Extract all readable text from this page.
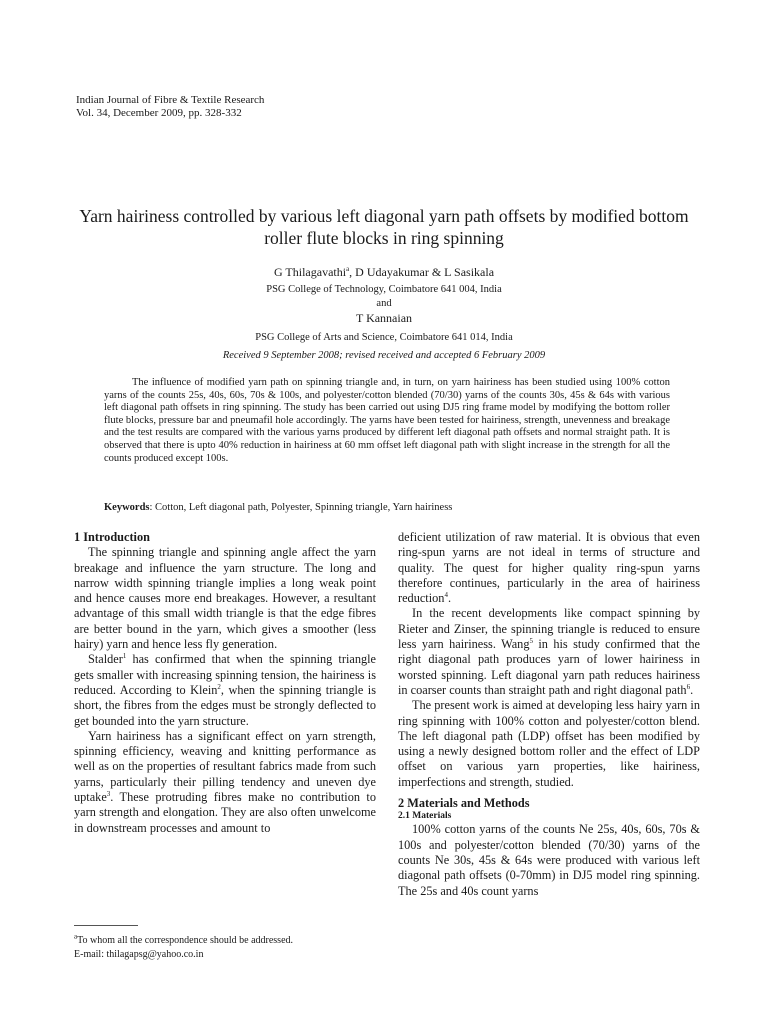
Indian Journal of Fibre & Textile Research
Vol. 34, December 2009, pp. 328-332
Yarn hairiness controlled by various left diagonal yarn path offsets by modified bottom roller flute blocks in ring spinning
G Thilagavathi$^a$, D Udayakumar & L Sasikala
PSG College of Technology, Coimbatore 641 004, India
and
T Kannaian
PSG College of Arts and Science, Coimbatore 641 014, India
Received 9 September 2008; revised received and accepted 6 February 2009

The influence of modified yarn path on spinning triangle and, in turn, on yarn hairiness has been studied using 100% cotton yarns of the counts 25s, 40s, 60s, 70s & 100s, and polyester/cotton blended (70/30) yarns of the counts 30s, 45s & 64s with various left diagonal path offsets in ring spinning. The study has been carried out using DJ5 ring frame model by modifying the bottom roller flute blocks, pressure bar and pneumafil hole accordingly. The yarns have been tested for hairiness, strength, unevenness and breakage and the test results are compared with the various yarns produced by different left diagonal path offsets and normal straight path. It is observed that there is upto 40% reduction in hairiness at 60 mm offset left diagonal path with slight increase in the strength for all the counts produced except 100s.

Keywords: Cotton, Left diagonal path, Polyester, Spinning triangle, Yarn hairiness
1 Introduction

The spinning triangle and spinning angle affect the yarn breakage and influence the yarn structure. The long and narrow width spinning triangle implies a long weak point and hence causes more end breakages. However, a resultant advantage of this small width triangle is that the edge fibres are better bound in the yarn, which gives a smoother (less hairy) yarn and hence less fly generation.

Stalder$^1$ has confirmed that when the spinning triangle gets smaller with increasing spinning tension, the hairiness is reduced. According to Klein$^2$, when the spinning triangle is short, the fibres from the edges must be strongly deflected to get bounded into the yarn structure.

Yarn hairiness has a significant effect on yarn strength, spinning efficiency, weaving and knitting performance as well as on the properties of resultant fabrics made from such yarns, particularly their pilling tendency and uneven dye uptake$^3$. These protruding fibres make no contribution to yarn strength and elongation. They are also often unwelcome in downstream processes and amount to

deficient utilization of raw material. It is obvious that even ring-spun yarns are not ideal in terms of structure and quality. The quest for higher quality ring-spun yarns therefore continues, particularly in the area of hairiness reduction$^4$.

In the recent developments like compact spinning by Rieter and Zinser, the spinning triangle is reduced to ensure less yarn hairiness. Wang$^5$ in his study confirmed that the right diagonal path produces yarn of lower hairiness in worsted spinning. Left diagonal yarn path reduces hairiness in coarser counts than straight path and right diagonal path$^6$.

The present work is aimed at developing less hairy yarn in ring spinning with 100% cotton and polyester/cotton blend. The left diagonal path (LDP) offset has been modified by using a newly designed bottom roller and the effect of LDP offset on various yarn properties, like hairiness, imperfections and strength, studied.

2 Materials and Methods
2.1 Materials

100% cotton yarns of the counts Ne 25s, 40s, 60s, 70s & 100s and polyester/cotton blended (70/30) yarns of the counts Ne 30s, 45s & 64s were produced with various left diagonal path offsets (0-70mm) in DJ5 model ring spinning. The 25s and 40s count yarns

$^a$To whom all the correspondence should be addressed.
E-mail: thilagapsg@yahoo.co.in
